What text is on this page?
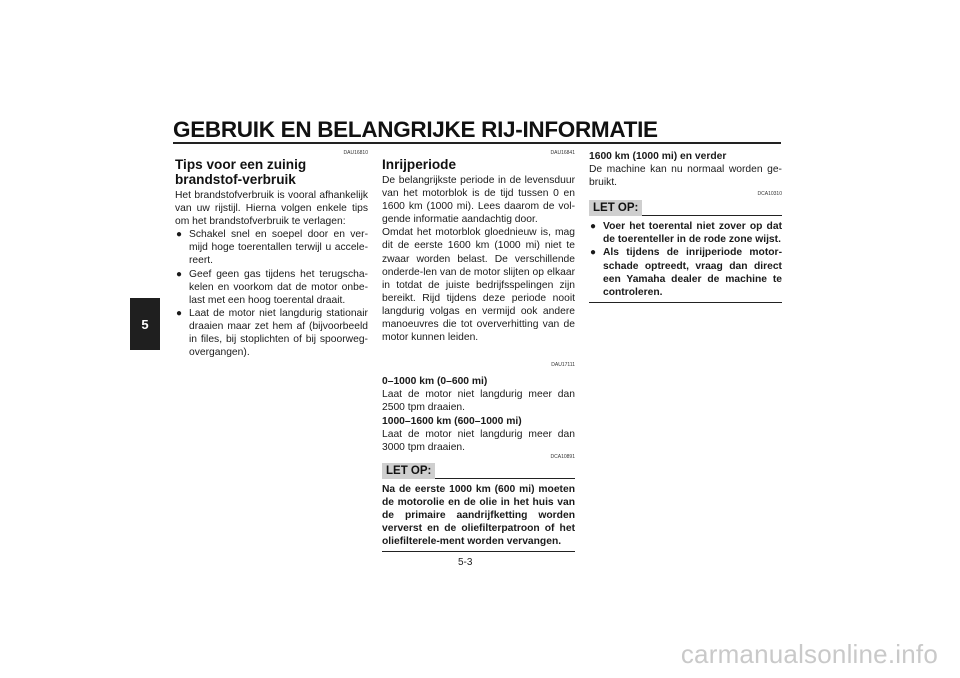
GEBRUIK EN BELANGRIJKE RIJ-INFORMATIE
5
DAU16810
Tips voor een zuinig brandstof-verbruik
Het brandstofverbruik is vooral afhankelijk van uw rijstijl. Hierna volgen enkele tips om het brandstofverbruik te verlagen:
● Schakel snel en soepel door en ver-mijd hoge toerentallen terwijl u accele-reert.
● Geef geen gas tijdens het terugscha-kelen en voorkom dat de motor onbe-last met een hoog toerental draait.
● Laat de motor niet langdurig stationair draaien maar zet hem af (bijvoorbeeld in files, bij stoplichten of bij spoorweg-overgangen).
DAU16841
Inrijperiode
De belangrijkste periode in de levensduur van het motorblok is de tijd tussen 0 en 1600 km (1000 mi). Lees daarom de vol-gende informatie aandachtig door.
Omdat het motorblok gloednieuw is, mag dit de eerste 1600 km (1000 mi) niet te zwaar worden belast. De verschillende onderde-len van de motor slijten op elkaar in totdat de juiste bedrijfsspelingen zijn bereikt. Rijd tijdens deze periode nooit langdurig volgas en vermijd ook andere manoeuvres die tot oververhitting van de motor kunnen leiden.
DAU17111
0–1000 km (0–600 mi)
Laat de motor niet langdurig meer dan 2500 tpm draaien.
1000–1600 km (600–1000 mi)
Laat de motor niet langdurig meer dan 3000 tpm draaien.
DCA10891
LET OP:
Na de eerste 1000 km (600 mi) moeten de motorolie en de olie in het huis van de primaire aandrijfketting worden ververst en de oliefilterpatroon of het oliefilterele-ment worden vervangen.
1600 km (1000 mi) en verder
De machine kan nu normaal worden ge-bruikt.
DCA10310
LET OP:
● Voer het toerental niet zover op dat de toerenteller in de rode zone wijst.
● Als tijdens de inrijperiode motor-schade optreedt, vraag dan direct een Yamaha dealer de machine te controleren.
5-3
carmanualsonline.info
